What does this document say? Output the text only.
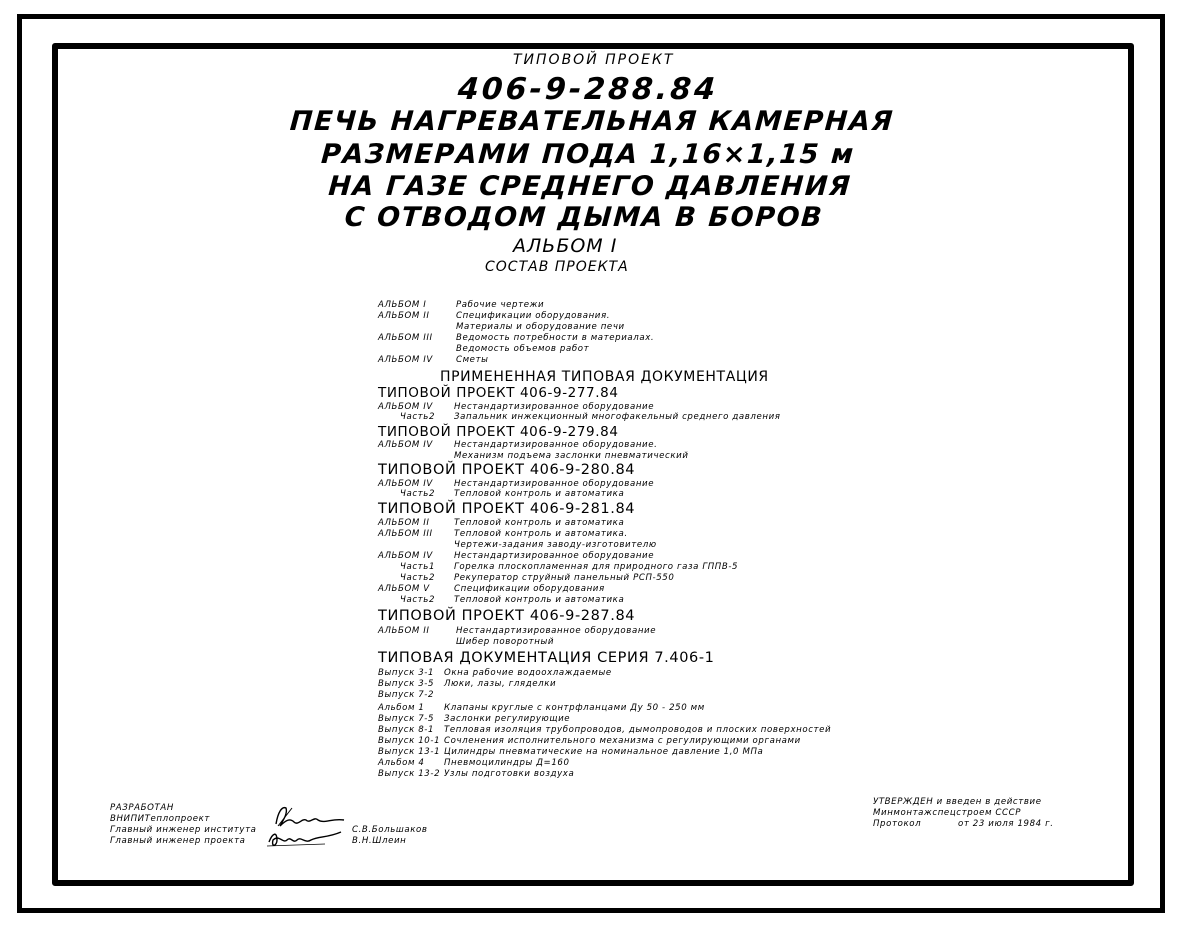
ТИПОВОЙ ПРОЕКТ
406-9-288.84
ПЕЧЬ НАГРЕВАТЕЛЬНАЯ КАМЕРНАЯ
РАЗМЕРАМИ ПОДА 1,16×1,15 м
НА ГАЗЕ СРЕДНЕГО ДАВЛЕНИЯ
С ОТВОДОМ ДЫМА В БОРОВ
АЛЬБОМ I
СОСТАВ ПРОЕКТА
АЛЬБОМ I	Рабочие чертежи
АЛЬБОМ II	Спецификации оборудования.
Материалы и оборудование печи
АЛЬБОМ III	Ведомость потребности в материалах.
Ведомость объемов работ
АЛЬБОМ IV	Сметы
ПРИМЕНЕННАЯ ТИПОВАЯ ДОКУМЕНТАЦИЯ
ТИПОВОЙ ПРОЕКТ 406-9-277.84
АЛЬБОМ IV Нестандартизированное оборудование
Часть2 Запальник инжекционный многофакельный среднего давления
ТИПОВОЙ ПРОЕКТ 406-9-279.84
АЛЬБОМ IV Нестандартизированное оборудование.
Механизм подъема заслонки пневматический
ТИПОВОЙ ПРОЕКТ 406-9-280.84
АЛЬБОМ IV Нестандартизированное оборудование
Часть2 Тепловой контроль и автоматика
ТИПОВОЙ ПРОЕКТ 406-9-281.84
АЛЬБОМ II	Тепловой контроль и автоматика
АЛЬБОМ III Тепловой контроль и автоматика.
Чертежи-задания заводу-изготовителю
АЛЬБОМ IV Нестандартизированное оборудование
Часть1 Горелка плоскопламенная для природного газа ГППВ-5
Часть2 Рекуператор струйный панельный РСП-550
АЛЬБОМ V	Спецификации оборудования
Часть2 Тепловой контроль и автоматика
ТИПОВОЙ ПРОЕКТ 406-9-287.84
АЛЬБОМ II	Нестандартизированное оборудование
Шибер поворотный
ТИПОВАЯ ДОКУМЕНТАЦИЯ СЕРИЯ 7.406-1
Выпуск 3-1 Окна рабочие водоохлаждаемые
Выпуск 3-5 Люки, лазы, гляделки
Выпуск 7-2
Альбом 1 Клапаны круглые с контрфланцами Ду 50 - 250 мм
Выпуск 7-5 Заслонки регулирующие
Выпуск 8-1 Тепловая изоляция трубопроводов, дымопроводов и плоских поверхностей
Выпуск 10-1 Сочленения исполнительного механизма с регулирующими органами
Выпуск 13-1 Цилиндры пневматические на номинальное давление 1,0 МПа
Альбом 4 Пневмоцилиндры Д=160
Выпуск 13-2 Узлы подготовки воздуха
РАЗРАБОТАН
ВНИПИТеплопроект
Главный инженер института
Главный инженер проекта
С.В.Большаков
В.Н.Шлеин
УТВЕРЖДЕН и введен в действие
Минмонтажспецстроем СССР
Протокол	от 23 июля 1984 г.
